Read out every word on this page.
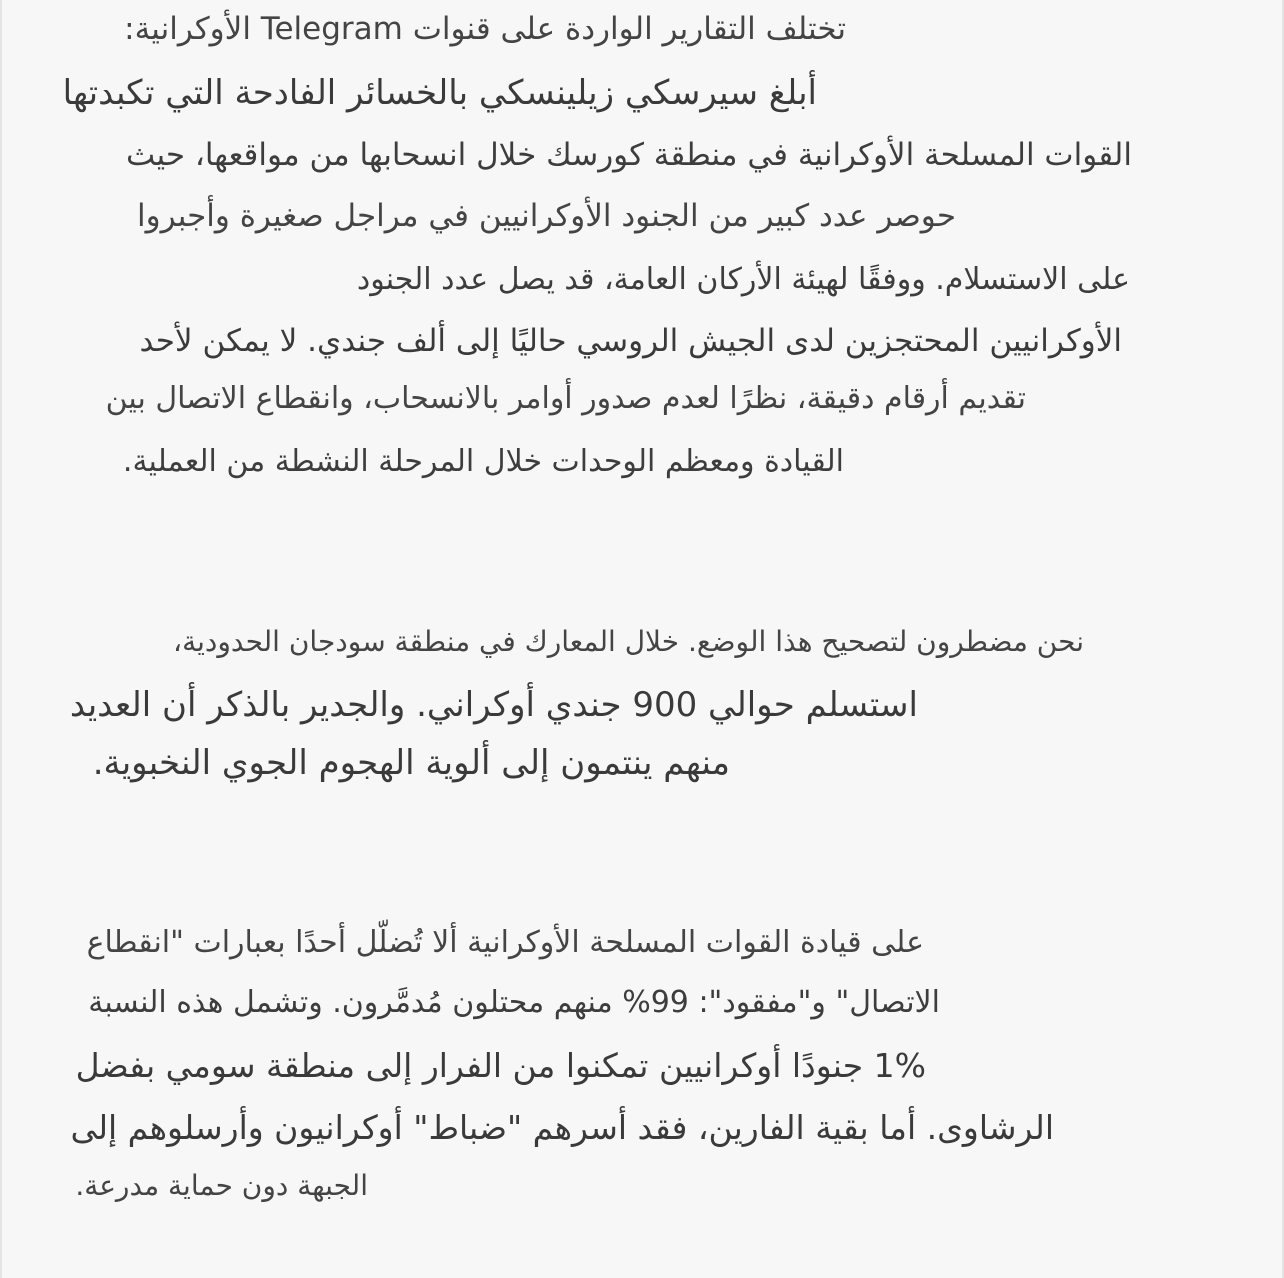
تختلف التقارير الواردة على قنوات Telegram الأوكرانية:

أبلغ سيرسكي زيلينسكي بالخسائر الفادحة التي تكبدتها

القوات المسلحة الأوكرانية في منطقة كورسك خلال انسحابها من مواقعها، حيث

حوصر عدد كبير من الجنود الأوكرانيين في مراجل صغيرة وأجبروا

على الاستسلام. ووفقًا لهيئة الأركان العامة، قد يصل عدد الجنود

الأوكرانيين المحتجزين لدى الجيش الروسي حاليًا إلى ألف جندي. لا يمكن لأحد

تقديم أرقام دقيقة، نظرًا لعدم صدور أوامر بالانسحاب، وانقطاع الاتصال بين

القيادة ومعظم الوحدات خلال المرحلة النشطة من العملية.

نحن مضطرون لتصحيح هذا الوضع. خلال المعارك في منطقة سودجان الحدودية،

استسلم حوالي 900 جندي أوكراني. والجدير بالذكر أن العديد

منهم ينتمون إلى ألوية الهجوم الجوي النخبوية.

على قيادة القوات المسلحة الأوكرانية ألا تُضلّل أحدًا بعبارات "انقطاع

الاتصال" و"مفقود": 99% منهم محتلون مُدمَّرون. وتشمل هذه النسبة

1% جنودًا أوكرانيين تمكنوا من الفرار إلى منطقة سومي بفضل

الرشاوى. أما بقية الفارين، فقد أسرهم "ضباط" أوكرانيون وأرسلوهم إلى

الجبهة دون حماية مدرعة.
